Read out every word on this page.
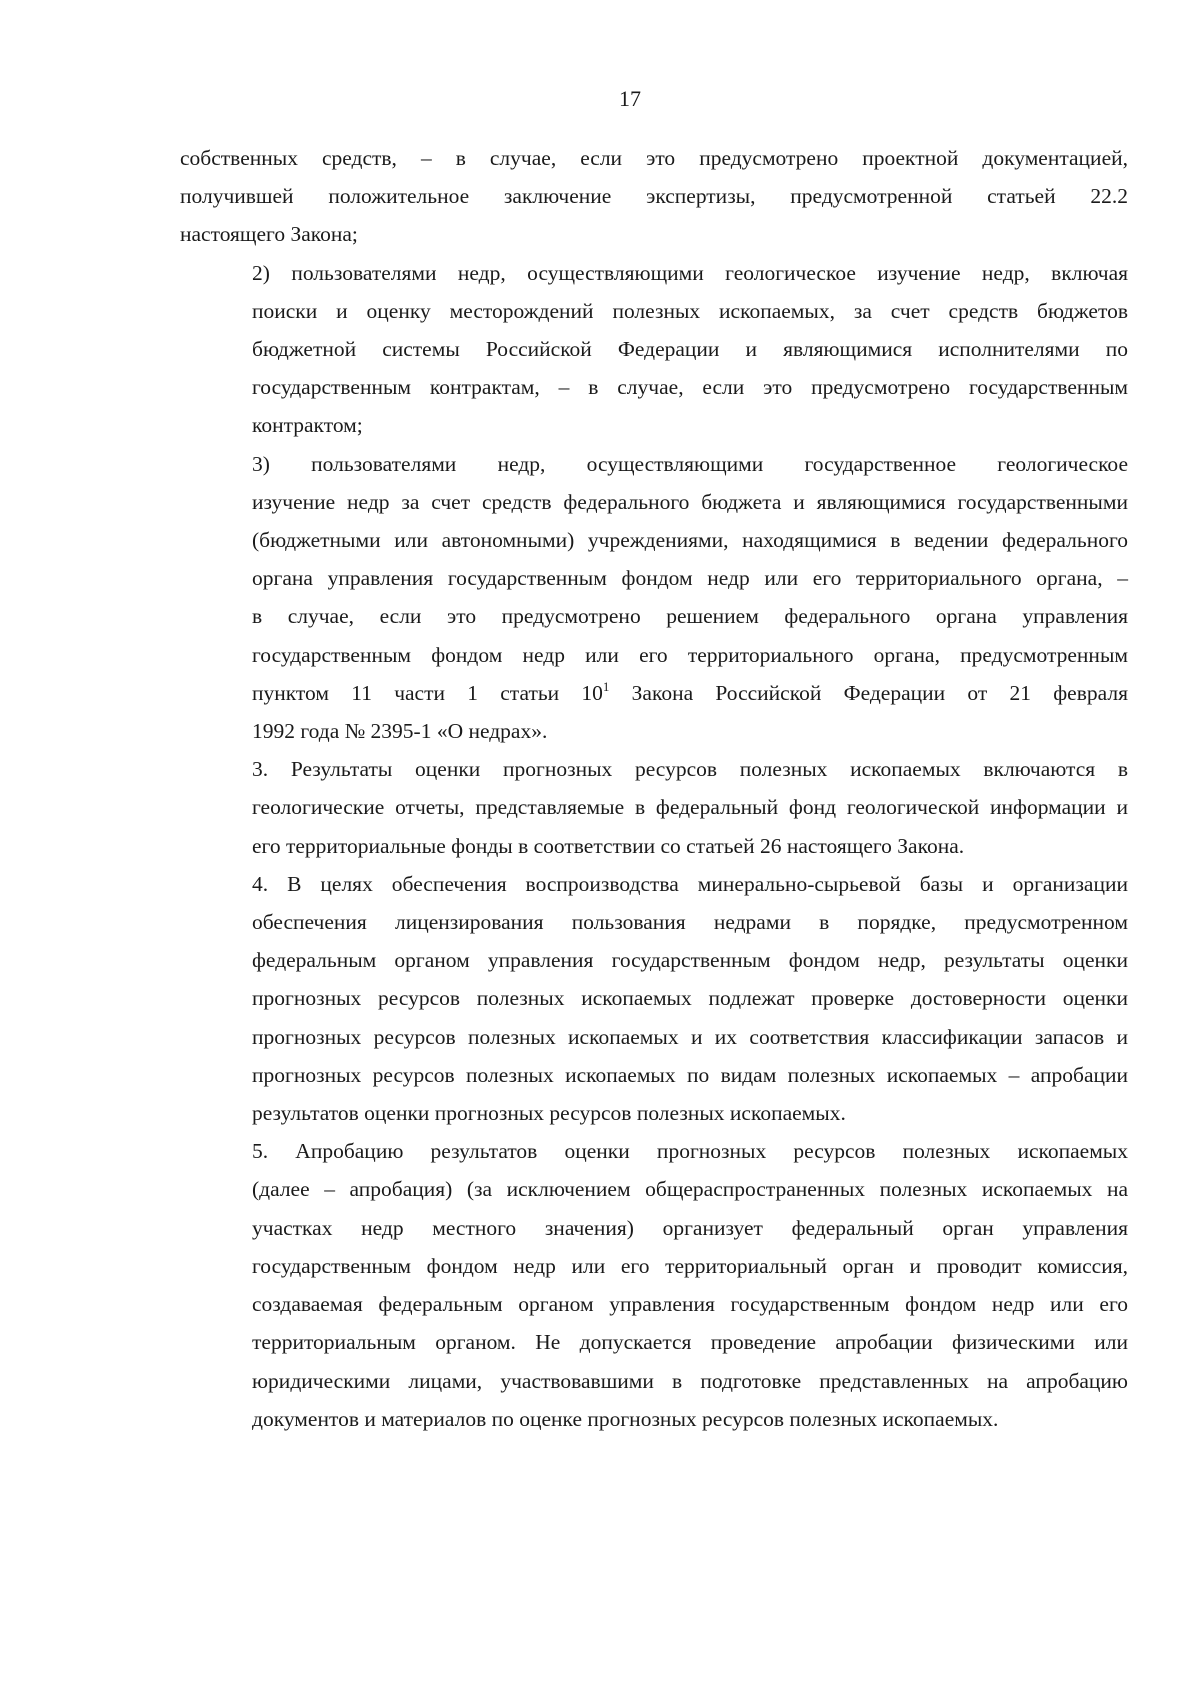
17

собственных средств, – в случае, если это предусмотрено проектной документацией,
получившей положительное заключение экспертизы, предусмотренной статьей 22.2
настоящего Закона;

2) пользователями недр, осуществляющими геологическое изучение недр, включая
поиски и оценку месторождений полезных ископаемых, за счет средств бюджетов
бюджетной системы Российской Федерации и являющимися исполнителями по
государственным контрактам, – в случае, если это предусмотрено государственным
контрактом;

3) пользователями недр, осуществляющими государственное геологическое
изучение недр за счет средств федерального бюджета и являющимися государственными
(бюджетными или автономными) учреждениями, находящимися в ведении федерального
органа управления государственным фондом недр или его территориального органа, –
в случае, если это предусмотрено решением федерального органа управления
государственным фондом недр или его территориального органа, предусмотренным
пунктом 11 части 1 статьи $10^1$ Закона Российской Федерации от 21 февраля
1992 года № 2395-1 «О недрах».

3. Результаты оценки прогнозных ресурсов полезных ископаемых включаются в
геологические отчеты, представляемые в федеральный фонд геологической информации и
его территориальные фонды в соответствии со статьей 26 настоящего Закона.

4. В целях обеспечения воспроизводства минерально-сырьевой базы и организации
обеспечения лицензирования пользования недрами в порядке, предусмотренном
федеральным органом управления государственным фондом недр, результаты оценки
прогнозных ресурсов полезных ископаемых подлежат проверке достоверности оценки
прогнозных ресурсов полезных ископаемых и их соответствия классификации запасов и
прогнозных ресурсов полезных ископаемых по видам полезных ископаемых – апробации
результатов оценки прогнозных ресурсов полезных ископаемых.

5. Апробацию результатов оценки прогнозных ресурсов полезных ископаемых
(далее – апробация) (за исключением общераспространенных полезных ископаемых на
участках недр местного значения) организует федеральный орган управления
государственным фондом недр или его территориальный орган и проводит комиссия,
создаваемая федеральным органом управления государственным фондом недр или его
территориальным органом. Не допускается проведение апробации физическими или
юридическими лицами, участвовавшими в подготовке представленных на апробацию
документов и материалов по оценке прогнозных ресурсов полезных ископаемых.
